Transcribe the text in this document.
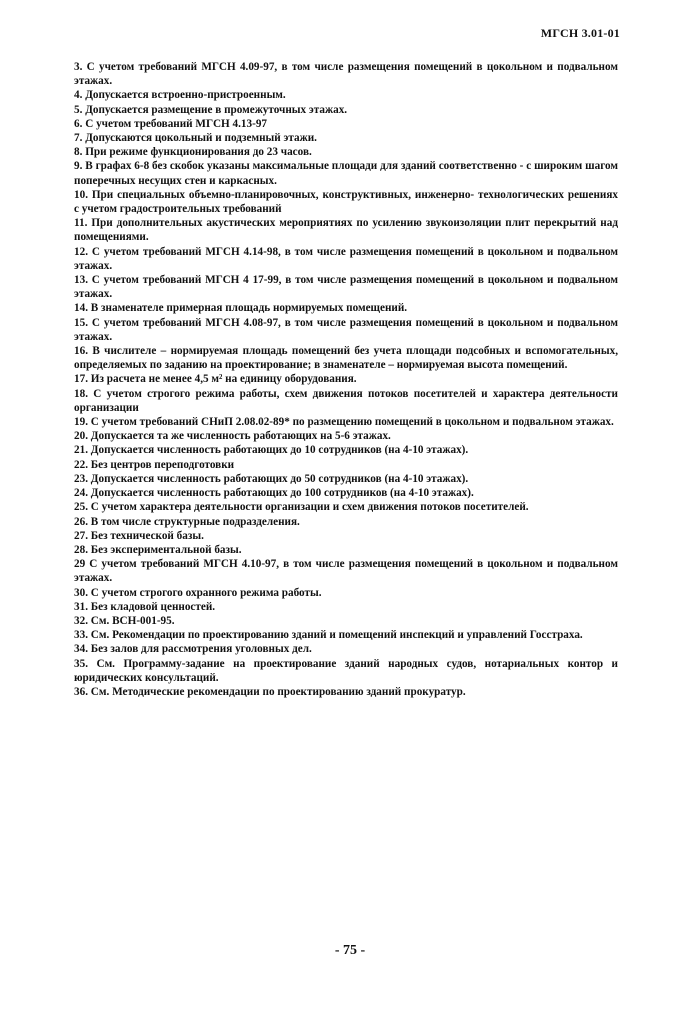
МГСН 3.01-01
3. С учетом требований МГСН 4.09-97, в том числе размещения помещений в цокольном и подвальном этажах.
4. Допускается встроенно-пристроенным.
5. Допускается размещение в промежуточных этажах.
6. С учетом требований МГСН 4.13-97
7. Допускаются цокольный и подземный этажи.
8. При режиме функционирования до 23 часов.
9. В графах 6-8 без скобок указаны максимальные площади для зданий соответственно - с широким шагом поперечных несущих стен и каркасных.
10. При специальных объемно-планировочных, конструктивных, инженерно- технологических решениях с учетом градостроительных требований
11. При дополнительных акустических мероприятиях по усилению звукоизоляции плит перекрытий над помещениями.
12. С учетом требований МГСН 4.14-98, в том числе размещения помещений в цокольном и подвальном этажах.
13. С учетом требований МГСН 4 17-99, в том числе размещения помещений в цокольном и подвальном этажах.
14. В знаменателе примерная площадь нормируемых помещений.
15. С учетом требований МГСН 4.08-97, в том числе размещения помещений в цокольном и подвальном этажах.
16. В числителе – нормируемая площадь помещений без учета площади подсобных и вспомогательных, определяемых по заданию на проектирование; в знаменателе – нормируемая высота помещений.
17. Из расчета не менее 4,5 м² на единицу оборудования.
18. С учетом строгого режима работы, схем движения потоков посетителей и характера деятельности организации
19. С учетом требований СНиП 2.08.02-89* по размещению помещений в цокольном и подвальном этажах.
20. Допускается та же численность работающих на 5-6 этажах.
21. Допускается численность работающих до 10 сотрудников (на 4-10 этажах).
22. Без центров переподготовки
23. Допускается численность работающих до 50 сотрудников (на 4-10 этажах).
24. Допускается численность работающих до 100 сотрудников (на 4-10 этажах).
25. С учетом характера деятельности организации и схем движения потоков посетителей.
26. В том числе структурные подразделения.
27. Без технической базы.
28. Без экспериментальной базы.
29 С учетом требований МГСН 4.10-97, в том числе размещения помещений в цокольном и подвальном этажах.
30. С учетом строгого охранного режима работы.
31. Без кладовой ценностей.
32. См. ВСН-001-95.
33. См. Рекомендации по проектированию зданий и помещений инспекций и управлений Госстраха.
34. Без залов для рассмотрения уголовных дел.
35. См. Программу-задание на проектирование зданий народных судов, нотариальных контор и юридических консультаций.
36. См. Методические рекомендации по проектированию зданий прокуратур.
- 75 -
